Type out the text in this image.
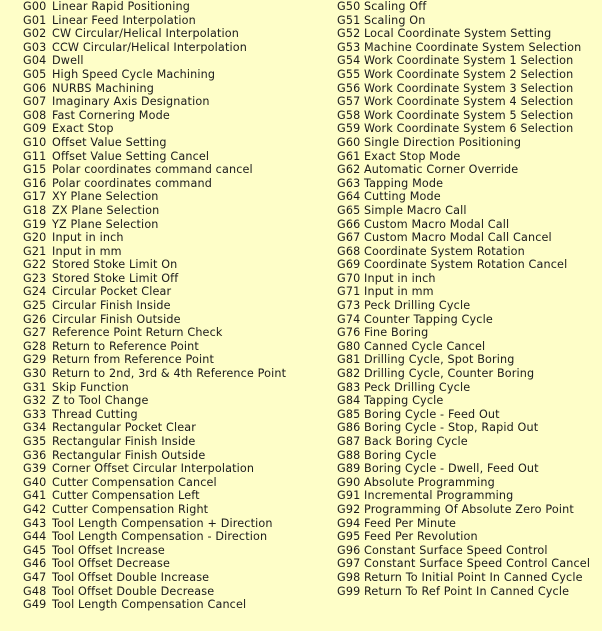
G00 Linear Rapid Positioning
G01 Linear Feed Interpolation
G02 CW Circular/Helical Interpolation
G03 CCW Circular/Helical Interpolation
G04 Dwell
G05 High Speed Cycle Machining
G06 NURBS Machining
G07 Imaginary Axis Designation
G08 Fast Cornering Mode
G09 Exact Stop
G10 Offset Value Setting
G11 Offset Value Setting Cancel
G15 Polar coordinates command cancel
G16 Polar coordinates command
G17 XY Plane Selection
G18 ZX Plane Selection
G19 YZ Plane Selection
G20 Input in inch
G21 Input in mm
G22 Stored Stoke Limit On
G23 Stored Stoke Limit Off
G24 Circular Pocket Clear
G25 Circular Finish Inside
G26 Circular Finish Outside
G27 Reference Point Return Check
G28 Return to Reference Point
G29 Return from Reference Point
G30 Return to 2nd, 3rd & 4th Reference Point
G31 Skip Function
G32 Z to Tool Change
G33 Thread Cutting
G34 Rectangular Pocket Clear
G35 Rectangular Finish Inside
G36 Rectangular Finish Outside
G39 Corner Offset Circular Interpolation
G40 Cutter Compensation Cancel
G41 Cutter Compensation Left
G42 Cutter Compensation Right
G43 Tool Length Compensation + Direction
G44 Tool Length Compensation - Direction
G45 Tool Offset Increase
G46 Tool Offset Decrease
G47 Tool Offset Double Increase
G48 Tool Offset Double Decrease
G49 Tool Length Compensation Cancel
G50 Scaling Off
G51 Scaling On
G52 Local Coordinate System Setting
G53 Machine Coordinate System Selection
G54 Work Coordinate System 1 Selection
G55 Work Coordinate System 2 Selection
G56 Work Coordinate System 3 Selection
G57 Work Coordinate System 4 Selection
G58 Work Coordinate System 5 Selection
G59 Work Coordinate System 6 Selection
G60 Single Direction Positioning
G61 Exact Stop Mode
G62 Automatic Corner Override
G63 Tapping Mode
G64 Cutting Mode
G65 Simple Macro Call
G66 Custom Macro Modal Call
G67 Custom Macro Modal Call Cancel
G68 Coordinate System Rotation
G69 Coordinate System Rotation Cancel
G70 Input in inch
G71 Input in mm
G73 Peck Drilling Cycle
G74 Counter Tapping Cycle
G76 Fine Boring
G80 Canned Cycle Cancel
G81 Drilling Cycle, Spot Boring
G82 Drilling Cycle, Counter Boring
G83 Peck Drilling Cycle
G84 Tapping Cycle
G85 Boring Cycle - Feed Out
G86 Boring Cycle - Stop, Rapid Out
G87 Back Boring Cycle
G88 Boring Cycle
G89 Boring Cycle - Dwell, Feed Out
G90 Absolute Programming
G91 Incremental Programming
G92 Programming Of Absolute Zero Point
G94 Feed Per Minute
G95 Feed Per Revolution
G96 Constant Surface Speed Control
G97 Constant Surface Speed Control Cancel
G98 Return To Initial Point In Canned Cycle
G99 Return To Ref Point In Canned Cycle
